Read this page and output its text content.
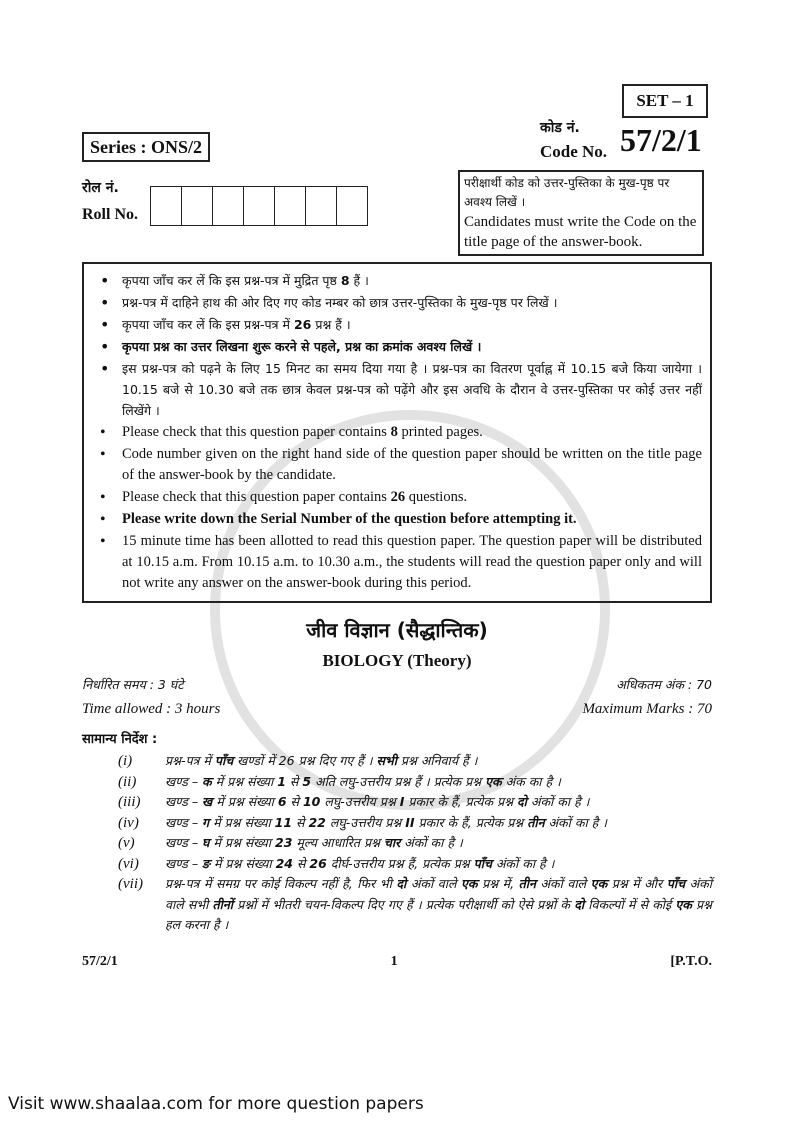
SET – 1
Series : ONS/2
कोड नं.
Code No. 57/2/1
रोल नं.
Roll No.
परीक्षार्थी कोड को उत्तर-पुस्तिका के मुख-पृष्ठ पर अवश्य लिखें ।
Candidates must write the Code on the title page of the answer-book.
• कृपया जाँच कर लें कि इस प्रश्न-पत्र में मुद्रित पृष्ठ 8 हैं ।
• प्रश्न-पत्र में दाहिने हाथ की ओर दिए गए कोड नम्बर को छात्र उत्तर-पुस्तिका के मुख-पृष्ठ पर लिखें ।
• कृपया जाँच कर लें कि इस प्रश्न-पत्र में 26 प्रश्न हैं ।
• कृपया प्रश्न का उत्तर लिखना शुरू करने से पहले, प्रश्न का क्रमांक अवश्य लिखें ।
• इस प्रश्न-पत्र को पढ़ने के लिए 15 मिनट का समय दिया गया है । प्रश्न-पत्र का वितरण पूर्वाह्न में 10.15 बजे किया जायेगा । 10.15 बजे से 10.30 बजे तक छात्र केवल प्रश्न-पत्र को पढ़ेंगे और इस अवधि के दौरान वे उत्तर-पुस्तिका पर कोई उत्तर नहीं लिखेंगे ।
• Please check that this question paper contains 8 printed pages.
• Code number given on the right hand side of the question paper should be written on the title page of the answer-book by the candidate.
• Please check that this question paper contains 26 questions.
• Please write down the Serial Number of the question before attempting it.
• 15 minute time has been allotted to read this question paper. The question paper will be distributed at 10.15 a.m. From 10.15 a.m. to 10.30 a.m., the students will read the question paper only and will not write any answer on the answer-book during this period.
जीव विज्ञान (सैद्धान्तिक)
BIOLOGY (Theory)
निर्धारित समय : 3 घंटे	अधिकतम अंक : 70
Time allowed : 3 hours	Maximum Marks : 70
सामान्य निर्देश :
(i)	प्रश्न-पत्र में पाँच खण्डों में 26 प्रश्न दिए गए हैं । सभी प्रश्न अनिवार्य हैं ।
(ii)	खण्ड – क में प्रश्न संख्या 1 से 5 अति लघु-उत्तरीय प्रश्न हैं । प्रत्येक प्रश्न एक अंक का है ।
(iii)	खण्ड – ख में प्रश्न संख्या 6 से 10 लघु-उत्तरीय प्रश्न I प्रकार के हैं, प्रत्येक प्रश्न दो अंकों का है ।
(iv)	खण्ड – ग में प्रश्न संख्या 11 से 22 लघु-उत्तरीय प्रश्न II प्रकार के हैं, प्रत्येक प्रश्न तीन अंकों का है ।
(v)	खण्ड – घ में प्रश्न संख्या 23 मूल्य आधारित प्रश्न चार अंकों का है ।
(vi)	खण्ड – ङ में प्रश्न संख्या 24 से 26 दीर्घ-उत्तरीय प्रश्न हैं, प्रत्येक प्रश्न पाँच अंकों का है ।
(vii)	प्रश्न-पत्र में समग्र पर कोई विकल्प नहीं है, फिर भी दो अंकों वाले एक प्रश्न में, तीन अंकों वाले एक प्रश्न में और पाँच अंकों वाले सभी तीनों प्रश्नों में भीतरी चयन-विकल्प दिए गए हैं । प्रत्येक परीक्षार्थी को ऐसे प्रश्नों के दो विकल्पों में से कोई एक प्रश्न हल करना है ।
57/2/1	1	[P.T.O.
Visit www.shaalaa.com for more question papers
